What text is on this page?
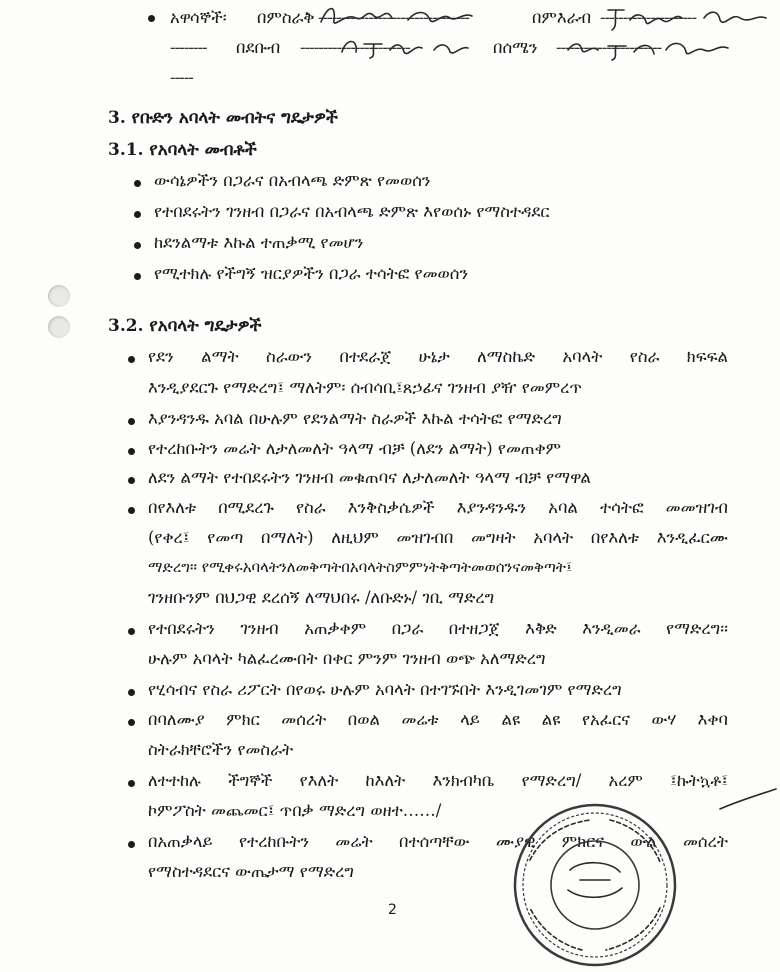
አዋሳኞች፡ በምስራቅ ---------------------------------	በምእራብ ---------------------
-------- በደቡብ ------------------------	በሰሜን -----------------------
-----
3. የቡድን አባላት መብትና ግዴታዎች
3.1. የአባላት መብቶች
ውሳኔዎችን በጋራና በአብላጫ ድምጽ የመወሰን
የተበደሩትን ገንዘብ በጋራና በአብላጫ ድምጽ እየወሰኑ የማስተዳደር
ከደንልማቱ እኩል ተጠቃሚ የመሆን
የሚተክሉ የችግኝ ዝርያዎችን በጋራ ተሳትፎ የመወሰን
3.2. የአባላት ግዴታዎች
የደን ልማት ስራውን በተደራጀ ሁኔታ ለማስኬድ አባላት የስራ ክፍፍል
እንዲያደርጉ የማድረግ፤ ማለትም፡ ሰብሳቢ፤ጸኃፊና ገንዘብ ያዥ የመምረጥ
እያንዳንዱ አባል በሁሉም የደንልማት ስራዎች እኩል ተሳትፎ የማድረግ
የተረከቡትን መሬት ለታለመለት ዓላማ ብቻ (ለደን ልማት) የመጠቀም
ለደን ልማት የተበደሩትን ገንዘብ መቁጠባና ለታለመለት ዓላማ ብቻ የማዋል
በየእለቱ በሚደረጉ የስራ እንቅስቃሴዎች እያንዳንዱን አባል ተሳትፎ መመዝገብ
(የቀረ፤ የመጣ በማለት) ለዚህም መዝገብበ መግዛት አባላት በየእለቱ እንዲፈርሙ
ማድረግ፡፡ የሚቀሩአባላትንለመቅጣትበአባላትስምምነትቅጣትመወሰንናመቅጣት፤
ገንዘቡንም በህጋዊ ደረሰኝ ለማህበሩ /ለቡድኑ/ ገቢ ማድረግ
የተበደሩትን ገንዘብ አጠቃቀም በጋራ በተዘጋጀ እቅድ እንዲመራ የማድረግ፡፡
ሁሉም አባላት ካልፈረሙበት በቀር ምንም ገንዘብ ወጭ አለማድረግ
የሂሳብና የስራ ሪፖርት በየወሩ ሁሉም አባላት በተገኙበት እንዲገመገም የማድረግ
በባለሙያ ምክር መሰረት በወል መሬቱ ላይ ልዩ ልዩ የአፈርና ውሃ እቀባ
ስትራክቸሮችን የመስራት
ለተተከሉ ችግኞች የእለት ከእለት እንክብካቤ የማድረግ/ አረም ፤ኩትኳቶ፤
ኮምፖስት መጨመር፤ ጥበቃ ማድረግ ወዘተ……/
በአጠቃላይ የተረከቡትን መሬት በተሰጣቸው ሙያዊ ምክርና ውል መሰረት
የማስተዳደርና ውጤታማ የማድረግ
2
